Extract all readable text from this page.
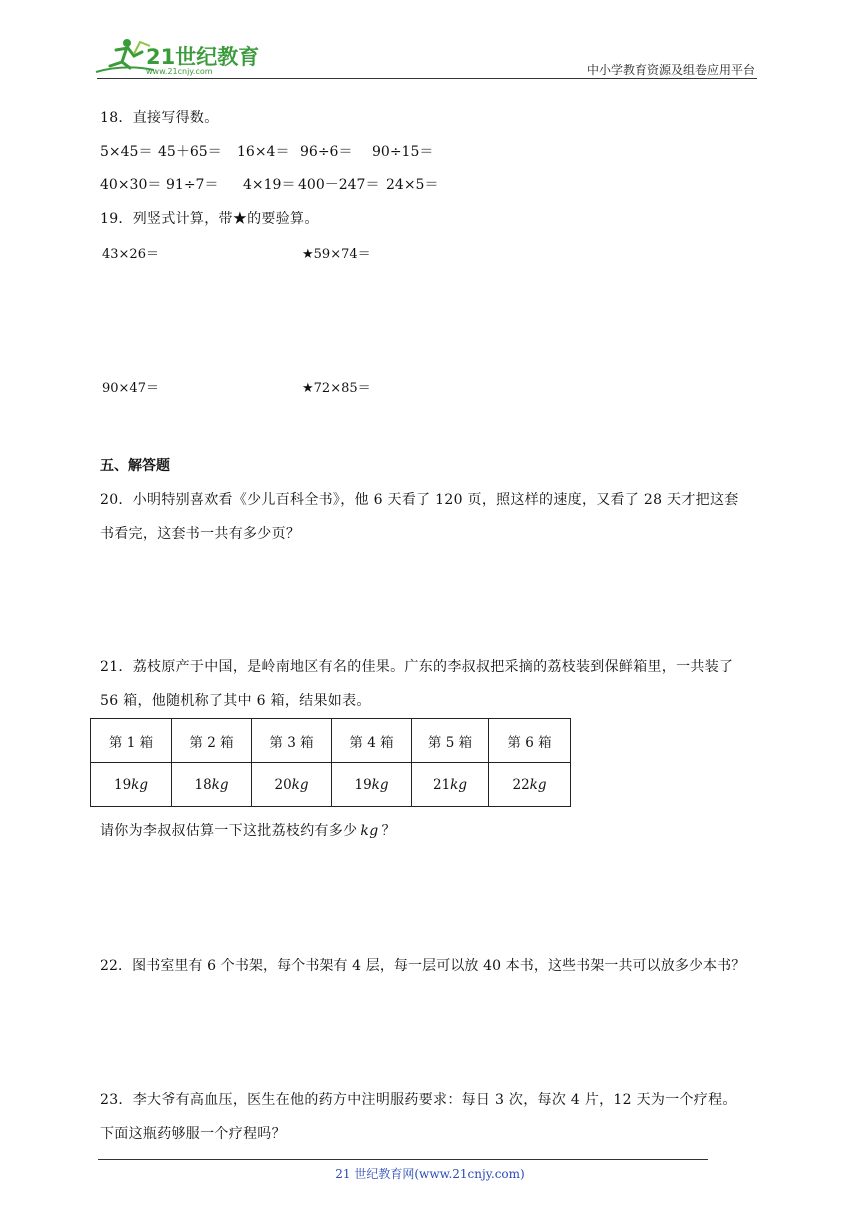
21世纪教育
www.21cnjy.com	中小学教育资源及组卷应用平台
18．直接写得数。
5×45＝ 45＋65＝ 16×4＝ 96÷6＝ 90÷15＝
40×30＝ 91÷7＝ 4×19＝ 400－247＝ 24×5＝
19．列竖式计算，带★的要验算。
43×26＝	★59×74＝
90×47＝	★72×85＝
五、解答题
20．小明特别喜欢看《少儿百科全书》，他 6 天看了 120 页，照这样的速度，又看了 28 天才把这套
书看完，这套书一共有多少页？
21．荔枝原产于中国，是岭南地区有名的佳果。广东的李叔叔把采摘的荔枝装到保鲜箱里，一共装了
56 箱，他随机称了其中 6 箱，结果如表。
第 1 箱	第 2 箱	第 3 箱	第 4 箱	第 5 箱	第 6 箱
19kg	18kg	20kg	19kg	21kg	22kg
请你为李叔叔估算一下这批荔枝约有多少 kg ？
22．图书室里有 6 个书架，每个书架有 4 层，每一层可以放 40 本书，这些书架一共可以放多少本书？
23．李大爷有高血压，医生在他的药方中注明服药要求：每日 3 次，每次 4 片，12 天为一个疗程。
下面这瓶药够服一个疗程吗？
21 世纪教育网(www.21cnjy.com)
